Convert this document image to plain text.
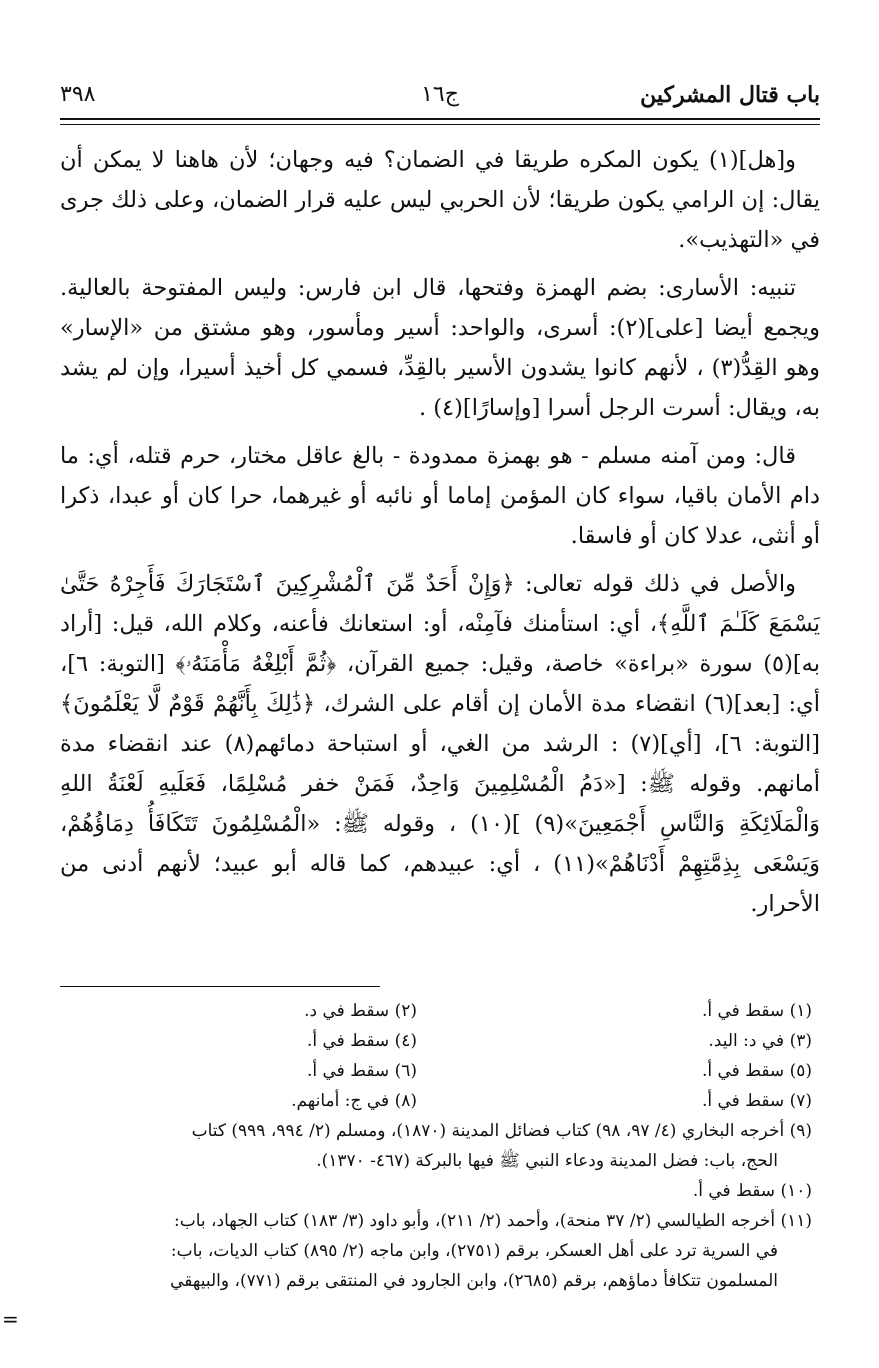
باب قتال المشركين
ج١٦
٣٩٨

و[هل](١) يكون المكره طريقا في الضمان؟ فيه وجهان؛ لأن هاهنا لا يمكن أن يقال: إن الرامي يكون طريقا؛ لأن الحربي ليس عليه قرار الضمان، وعلى ذلك جرى في «التهذيب».

تنبيه: الأساری: بضم الهمزة وفتحها، قال ابن فارس: وليس المفتوحة بالعالية. ويجمع أيضا [على](٢): أسرى، والواحد: أسير ومأسور، وهو مشتق من «الإسار» وهو القِدُّ(٣) ، لأنهم كانوا يشدون الأسير بالقِدِّ، فسمي كل أخيذ أسيرا، وإن لم يشد به، ويقال: أسرت الرجل أسرا [وإسارًا](٤) .

قال: ومن آمنه مسلم - هو بهمزة ممدودة - بالغ عاقل مختار، حرم قتله، أي: ما دام الأمان باقيا، سواء كان المؤمن إماما أو نائبه أو غيرهما، حرا كان أو عبدا، ذكرا أو أنثى، عدلا كان أو فاسقا.

والأصل في ذلك قوله تعالى: ﴿وَإِنْ أَحَدٌ مِّنَ ٱلْمُشْرِكِينَ ٱسْتَجَارَكَ فَأَجِرْهُ حَتَّىٰ يَسْمَعَ كَلَـٰمَ ٱللَّهِ﴾، أي: استأمنك فآمِنْه، أو: استعانك فأعنه، وكلام الله، قيل: [أراد به](٥) سورة «براءة» خاصة، وقيل: جميع القرآن، ﴿ثُمَّ أَبْلِغْهُ مَأْمَنَهُۥ﴾ [التوبة: ٦]، أي: [بعد](٦) انقضاء مدة الأمان إن أقام على الشرك، ﴿ذَٰلِكَ بِأَنَّهُمْ قَوْمٌ لَّا يَعْلَمُونَ﴾ [التوبة: ٦]، [أي](٧) : الرشد من الغي، أو استباحة دمائهم(٨) عند انقضاء مدة أمانهم. وقوله ﷺ: [«دَمُ الْمُسْلِمِينَ وَاحِدٌ، فَمَنْ خفر مُسْلِمًا، فَعَلَيهِ لَعْنَةُ اللهِ وَالْمَلَائِكَةِ وَالنَّاسِ أَجْمَعِينَ»(٩) ](١٠) ، وقوله ﷺ: «الْمُسْلِمُونَ تَتَكَافَأُ دِمَاؤُهُمْ، وَيَسْعَى بِذِمَّتِهِمْ أَدْنَاهُمْ»(١١) ، أي: عبيدهم، كما قاله أبو عبيد؛ لأنهم أدنى من الأحرار.

(١) سقط في أ.
(٢) سقط في د.
(٣) في د: اليد.
(٤) سقط في أ.
(٥) سقط في أ.
(٦) سقط في أ.
(٧) سقط في أ.
(٨) في ج: أمانهم.
(٩) أخرجه البخاري (٤/ ٩٧، ٩٨) كتاب فضائل المدينة (١٨٧٠)، ومسلم (٢/ ٩٩٤، ٩٩٩) كتاب
الحج، باب: فضل المدينة ودعاء النبي ﷺ فيها بالبركة (٤٦٧- ١٣٧٠).
(١٠) سقط في أ.
(١١) أخرجه الطيالسي (٢/ ٣٧ منحة)، وأحمد (٢/ ٢١١)، وأبو داود (٣/ ١٨٣) كتاب الجهاد، باب:
في السرية ترد على أهل العسكر، برقم (٢٧٥١)، وابن ماجه (٢/ ٨٩٥) كتاب الديات، باب:
المسلمون تتكافأ دماؤهم، برقم (٢٦٨٥)، وابن الجارود في المنتقى برقم (٧٧١)، والبيهقي
=
